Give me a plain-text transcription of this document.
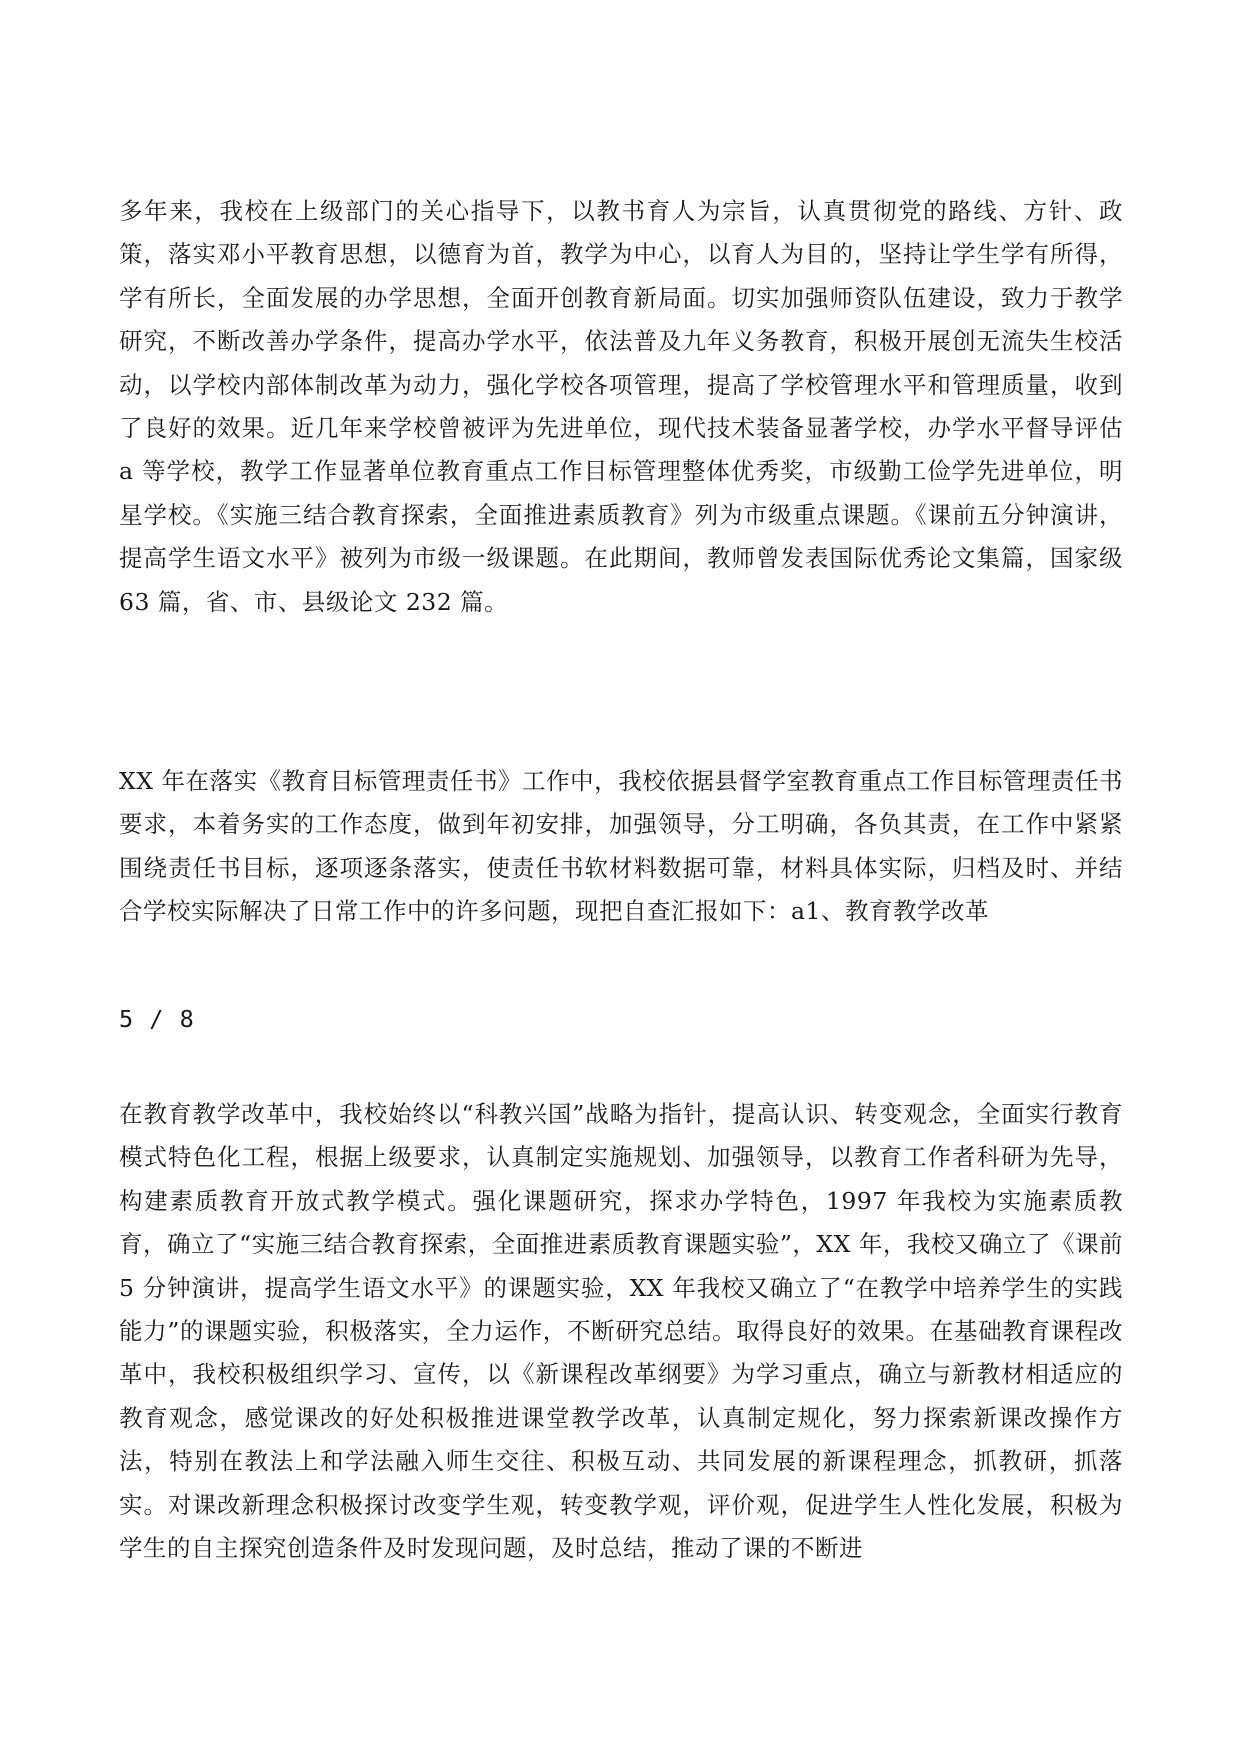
多年来，我校在上级部门的关心指导下，以教书育人为宗旨，认真贯彻党的路线、方针、政策，落实邓小平教育思想，以德育为首，教学为中心，以育人为目的，坚持让学生学有所得，学有所长，全面发展的办学思想，全面开创教育新局面。切实加强师资队伍建设，致力于教学研究，不断改善办学条件，提高办学水平，依法普及九年义务教育，积极开展创无流失生校活动，以学校内部体制改革为动力，强化学校各项管理，提高了学校管理水平和管理质量，收到了良好的效果。近几年来学校曾被评为先进单位，现代技术装备显著学校，办学水平督导评估 a 等学校，教学工作显著单位教育重点工作目标管理整体优秀奖，市级勤工俭学先进单位，明星学校。《实施三结合教育探索，全面推进素质教育》列为市级重点课题。《课前五分钟演讲，提高学生语文水平》被列为市级一级课题。在此期间，教师曾发表国际优秀论文集篇，国家级 63 篇，省、市、县级论文 232 篇。

XX 年在落实《教育目标管理责任书》工作中，我校依据县督学室教育重点工作目标管理责任书要求，本着务实的工作态度，做到年初安排，加强领导，分工明确，各负其责，在工作中紧紧围绕责任书目标，逐项逐条落实，使责任书软材料数据可靠，材料具体实际，归档及时、并结合学校实际解决了日常工作中的许多问题，现把自查汇报如下：a1、教育教学改革

5 / 8

在教育教学改革中，我校始终以“科教兴国”战略为指针，提高认识、转变观念，全面实行教育模式特色化工程，根据上级要求，认真制定实施规划、加强领导，以教育工作者科研为先导，构建素质教育开放式教学模式。强化课题研究，探求办学特色，1997 年我校为实施素质教育，确立了“实施三结合教育探索，全面推进素质教育课题实验”，XX 年，我校又确立了《课前 5 分钟演讲，提高学生语文水平》的课题实验，XX 年我校又确立了“在教学中培养学生的实践能力”的课题实验，积极落实，全力运作，不断研究总结。取得良好的效果。在基础教育课程改革中，我校积极组织学习、宣传，以《新课程改革纲要》为学习重点，确立与新教材相适应的教育观念，感觉课改的好处积极推进课堂教学改革，认真制定规化，努力探索新课改操作方法，特别在教法上和学法融入师生交往、积极互动、共同发展的新课程理念，抓教研，抓落实。对课改新理念积极探讨改变学生观，转变教学观，评价观，促进学生人性化发展，积极为学生的自主探究创造条件及时发现问题，及时总结，推动了课的不断进
